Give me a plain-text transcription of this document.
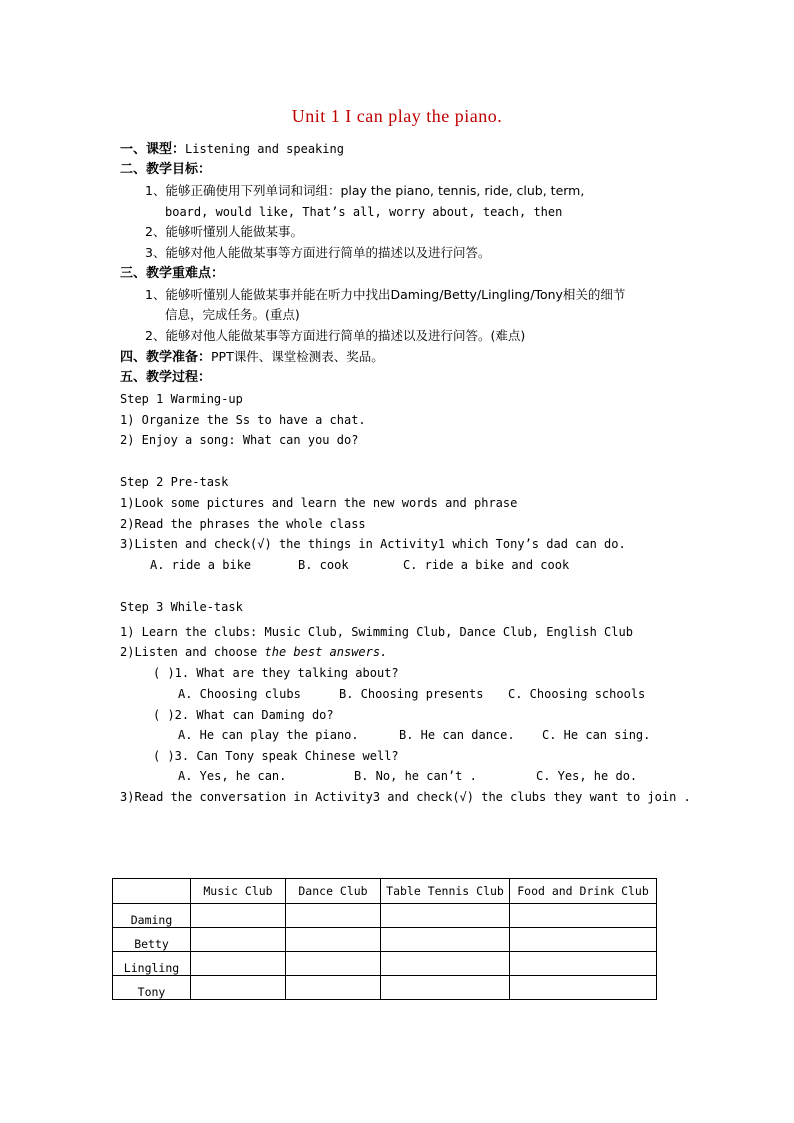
Unit 1 I can play the piano.
一、课型：Listening and speaking
二、教学目标：
1、能够正确使用下列单词和词组：play the piano, tennis, ride, club, term,
board, would like, That’s all, worry about, teach, then
2、能够听懂别人能做某事。
3、能够对他人能做某事等方面进行简单的描述以及进行问答。
三、教学重难点：
1、能够听懂别人能做某事并能在听力中找出Daming/Betty/Lingling/Tony相关的细节
信息，完成任务。(重点)
2、能够对他人能做某事等方面进行简单的描述以及进行问答。(难点)
四、教学准备：PPT课件、课堂检测表、奖品。
五、教学过程：
Step 1 Warming-up
1) Organize the Ss to have a chat.
2) Enjoy a song: What can you do?
Step 2 Pre-task
1)Look some pictures and learn the new words and phrase
2)Read the phrases the whole class
3)Listen and check(√) the things in Activity1 which Tony’s dad can do.
A. ride a bike	B. cook	C. ride a bike and cook
Step 3 While-task
1) Learn the clubs: Music Club, Swimming Club, Dance Club, English Club
2)Listen and choose the best answers.
( )1. What are they talking about?
A. Choosing clubs	B. Choosing presents C. Choosing schools
( )2. What can Daming do?
A. He can play the piano.	B. He can dance. C. He can sing.
( )3. Can Tony speak Chinese well?
A. Yes, he can.	B. No, he can’t .	C. Yes, he do.
3)Read the conversation in Activity3 and check(√) the clubs they want to join .
	Music Club	Dance Club	Table Tennis Club	Food and Drink Club
Daming				
Betty				
Lingling				
Tony				
